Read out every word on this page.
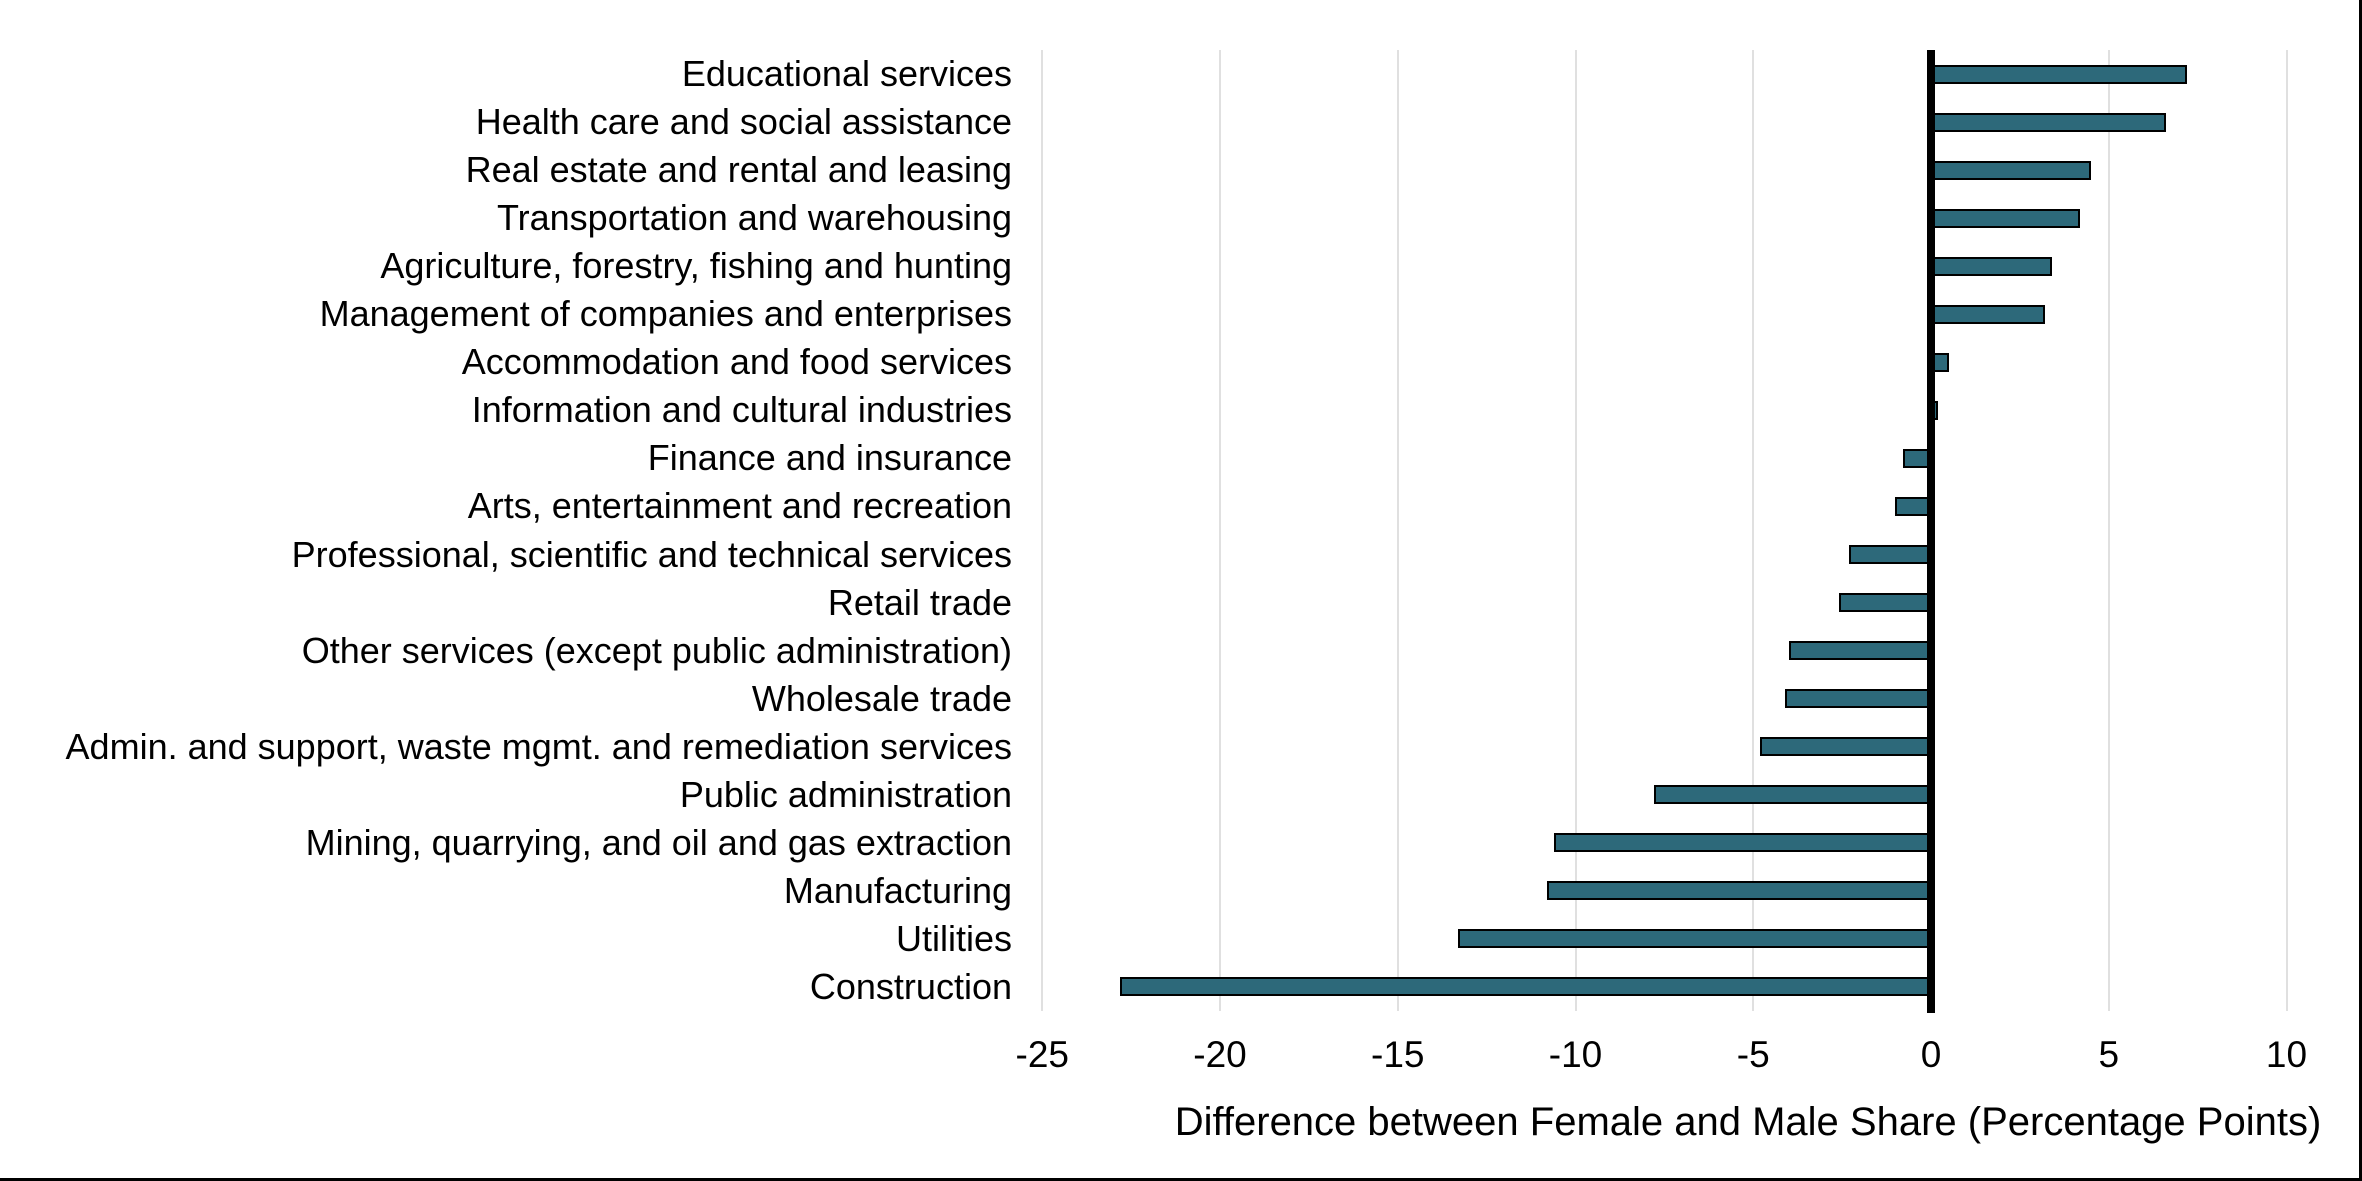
Educational services
Health care and social assistance
Real estate and rental and leasing
Transportation and warehousing
Agriculture, forestry, fishing and hunting
Management of companies and enterprises
Accommodation and food services
Information and cultural industries
Finance and insurance
Arts, entertainment and recreation
Professional, scientific and technical services
Retail trade
Other services (except public administration)
Wholesale trade
Admin. and support, waste mgmt. and remediation services
Public administration
Mining, quarrying, and oil and gas extraction
Manufacturing
Utilities
Construction
-25	-20	-15	-10	-5	0	5	10
Difference between Female and Male Share (Percentage Points)
